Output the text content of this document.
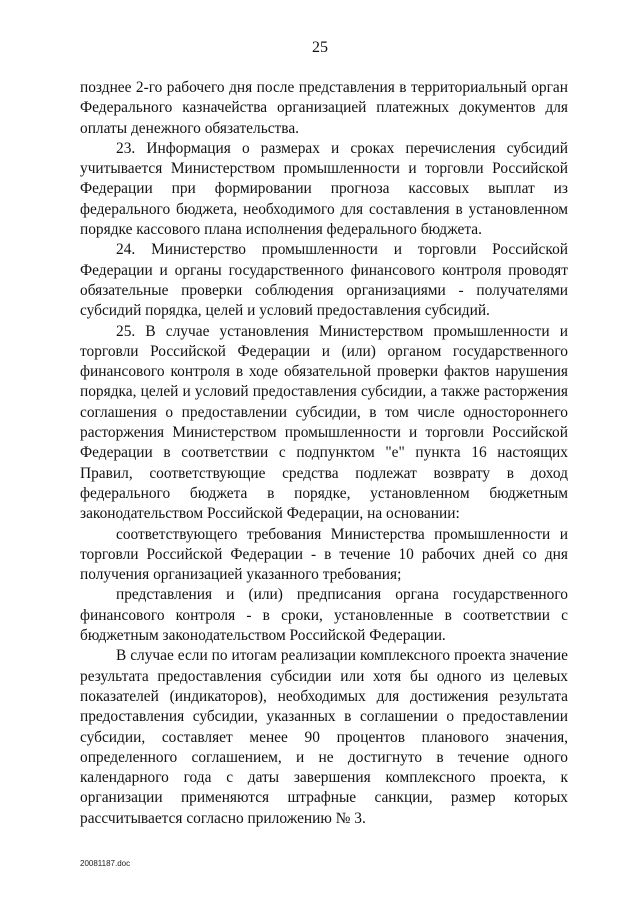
25

позднее 2-го рабочего дня после представления в территориальный орган Федерального казначейства организацией платежных документов для оплаты денежного обязательства.

23. Информация о размерах и сроках перечисления субсидий учитывается Министерством промышленности и торговли Российской Федерации при формировании прогноза кассовых выплат из федерального бюджета, необходимого для составления в установленном порядке кассового плана исполнения федерального бюджета.

24. Министерство промышленности и торговли Российской Федерации и органы государственного финансового контроля проводят обязательные проверки соблюдения организациями - получателями субсидий порядка, целей и условий предоставления субсидий.

25. В случае установления Министерством промышленности и торговли Российской Федерации и (или) органом государственного финансового контроля в ходе обязательной проверки фактов нарушения порядка, целей и условий предоставления субсидии, а также расторжения соглашения о предоставлении субсидии, в том числе одностороннего расторжения Министерством промышленности и торговли Российской Федерации в соответствии с подпунктом "е" пункта 16 настоящих Правил, соответствующие средства подлежат возврату в доход федерального бюджета в порядке, установленном бюджетным законодательством Российской Федерации, на основании:

соответствующего требования Министерства промышленности и торговли Российской Федерации - в течение 10 рабочих дней со дня получения организацией указанного требования;

представления и (или) предписания органа государственного финансового контроля - в сроки, установленные в соответствии с бюджетным законодательством Российской Федерации.

В случае если по итогам реализации комплексного проекта значение результата предоставления субсидии или хотя бы одного из целевых показателей (индикаторов), необходимых для достижения результата предоставления субсидии, указанных в соглашении о предоставлении субсидии, составляет менее 90 процентов планового значения, определенного соглашением, и не достигнуто в течение одного календарного года с даты завершения комплексного проекта, к организации применяются штрафные санкции, размер которых рассчитывается согласно приложению № 3.

20081187.doc
